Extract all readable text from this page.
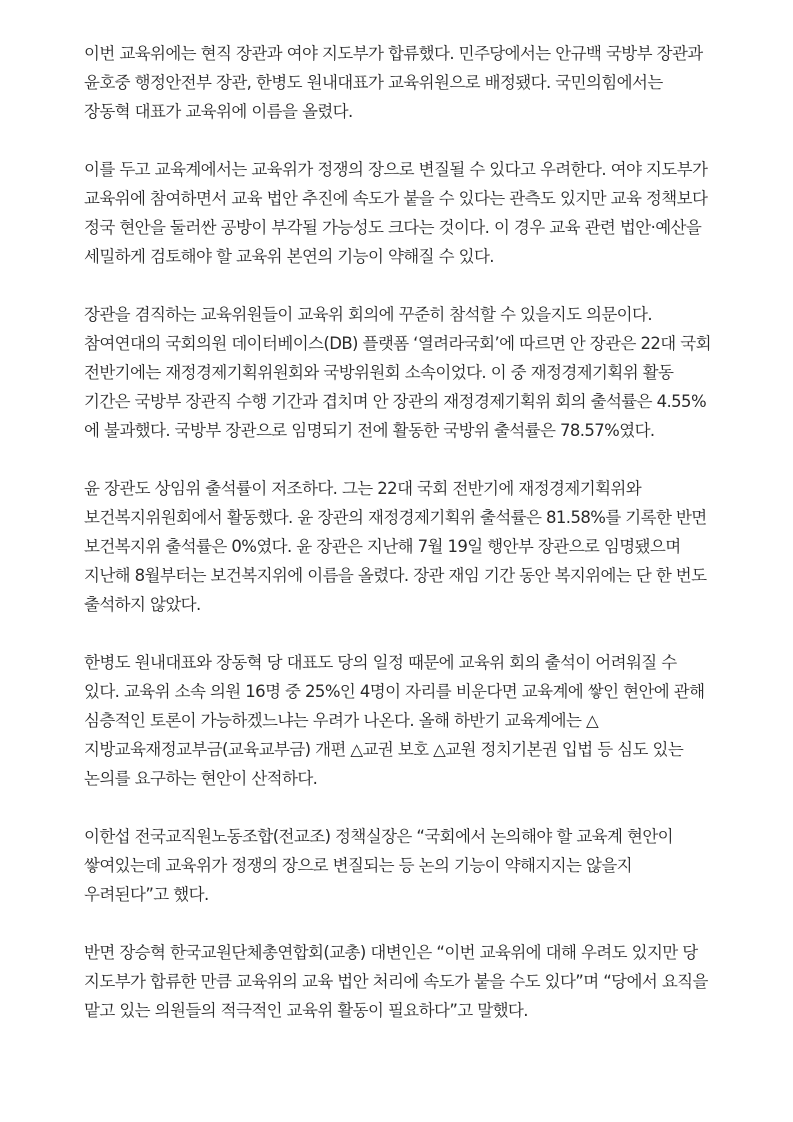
이번 교육위에는 현직 장관과 여야 지도부가 합류했다. 민주당에서는 안규백 국방부 장관과 윤호중 행정안전부 장관, 한병도 원내대표가 교육위원으로 배정됐다. 국민의힘에서는 장동혁 대표가 교육위에 이름을 올렸다.

이를 두고 교육계에서는 교육위가 정쟁의 장으로 변질될 수 있다고 우려한다. 여야 지도부가 교육위에 참여하면서 교육 법안 추진에 속도가 붙을 수 있다는 관측도 있지만 교육 정책보다 정국 현안을 둘러싼 공방이 부각될 가능성도 크다는 것이다. 이 경우 교육 관련 법안·예산을 세밀하게 검토해야 할 교육위 본연의 기능이 약해질 수 있다.

장관을 겸직하는 교육위원들이 교육위 회의에 꾸준히 참석할 수 있을지도 의문이다. 참여연대의 국회의원 데이터베이스(DB) 플랫폼 ‘열려라국회’에 따르면 안 장관은 22대 국회 전반기에는 재정경제기획위원회와 국방위원회 소속이었다. 이 중 재정경제기획위 활동 기간은 국방부 장관직 수행 기간과 겹치며 안 장관의 재정경제기획위 회의 출석률은 4.55%에 불과했다. 국방부 장관으로 임명되기 전에 활동한 국방위 출석률은 78.57%였다.

윤 장관도 상임위 출석률이 저조하다. 그는 22대 국회 전반기에 재정경제기획위와 보건복지위원회에서 활동했다. 윤 장관의 재정경제기획위 출석률은 81.58%를 기록한 반면 보건복지위 출석률은 0%였다. 윤 장관은 지난해 7월 19일 행안부 장관으로 임명됐으며 지난해 8월부터는 보건복지위에 이름을 올렸다. 장관 재임 기간 동안 복지위에는 단 한 번도 출석하지 않았다.

한병도 원내대표와 장동혁 당 대표도 당의 일정 때문에 교육위 회의 출석이 어려워질 수 있다. 교육위 소속 의원 16명 중 25%인 4명이 자리를 비운다면 교육계에 쌓인 현안에 관해 심층적인 토론이 가능하겠느냐는 우려가 나온다. 올해 하반기 교육계에는 △지방교육재정교부금(교육교부금) 개편 △교권 보호 △교원 정치기본권 입법 등 심도 있는 논의를 요구하는 현안이 산적하다.

이한섭 전국교직원노동조합(전교조) 정책실장은 “국회에서 논의해야 할 교육계 현안이 쌓여있는데 교육위가 정쟁의 장으로 변질되는 등 논의 기능이 약해지지는 않을지 우려된다”고 했다.

반면 장승혁 한국교원단체총연합회(교총) 대변인은 “이번 교육위에 대해 우려도 있지만 당 지도부가 합류한 만큼 교육위의 교육 법안 처리에 속도가 붙을 수도 있다”며 “당에서 요직을 맡고 있는 의원들의 적극적인 교육위 활동이 필요하다”고 말했다.
